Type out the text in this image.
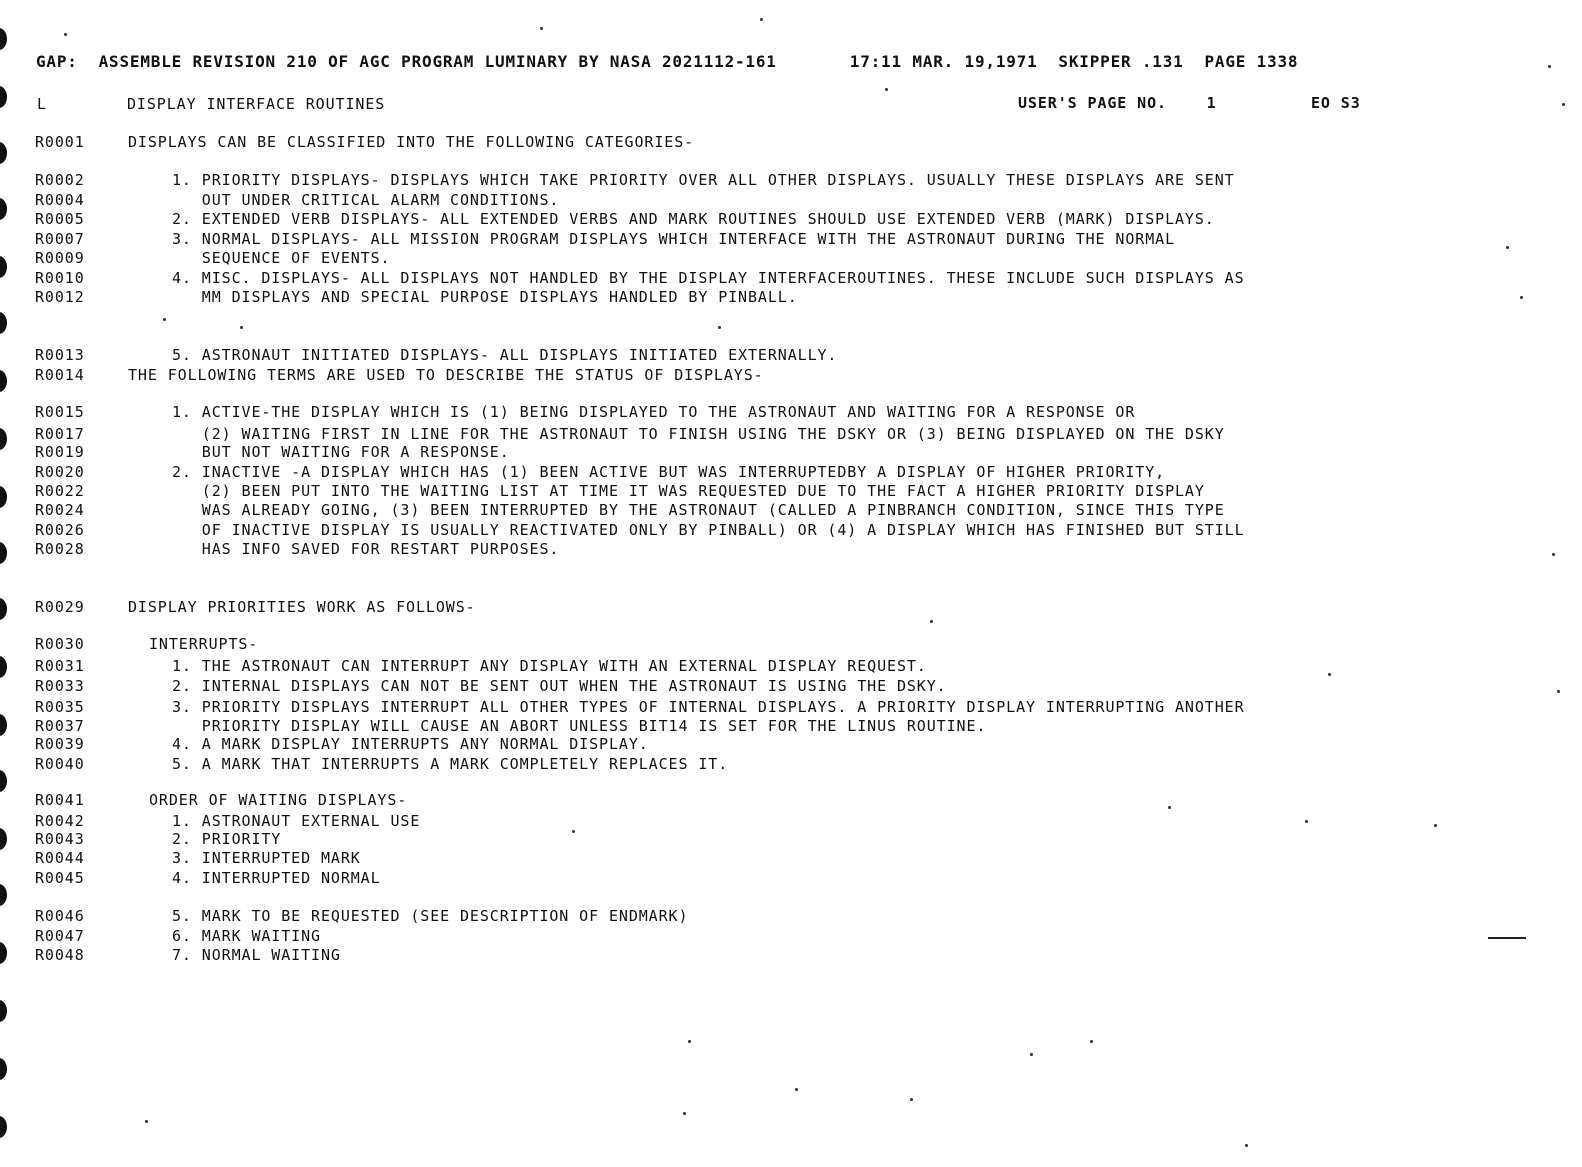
GAP:  ASSEMBLE REVISION 210 OF AGC PROGRAM LUMINARY BY NASA 2021112-161       17:11 MAR. 19,1971  SKIPPER .131  PAGE 1338
L	DISPLAY INTERFACE ROUTINES	USER'S PAGE NO.    1	EO S3
R0001	DISPLAYS CAN BE CLASSIFIED INTO THE FOLLOWING CATEGORIES-
R0002	1. PRIORITY DISPLAYS- DISPLAYS WHICH TAKE PRIORITY OVER ALL OTHER DISPLAYS. USUALLY THESE DISPLAYS ARE SENT
R0004	OUT UNDER CRITICAL ALARM CONDITIONS.
R0005	2. EXTENDED VERB DISPLAYS- ALL EXTENDED VERBS AND MARK ROUTINES SHOULD USE EXTENDED VERB (MARK) DISPLAYS.
R0007	3. NORMAL DISPLAYS- ALL MISSION PROGRAM DISPLAYS WHICH INTERFACE WITH THE ASTRONAUT DURING THE NORMAL
R0009	SEQUENCE OF EVENTS.
R0010	4. MISC. DISPLAYS- ALL DISPLAYS NOT HANDLED BY THE DISPLAY INTERFACEROUTINES. THESE INCLUDE SUCH DISPLAYS AS
R0012	MM DISPLAYS AND SPECIAL PURPOSE DISPLAYS HANDLED BY PINBALL.
R0013	5. ASTRONAUT INITIATED DISPLAYS- ALL DISPLAYS INITIATED EXTERNALLY.
R0014	THE FOLLOWING TERMS ARE USED TO DESCRIBE THE STATUS OF DISPLAYS-
R0015	1. ACTIVE-THE DISPLAY WHICH IS (1) BEING DISPLAYED TO THE ASTRONAUT AND WAITING FOR A RESPONSE OR
R0017	(2) WAITING FIRST IN LINE FOR THE ASTRONAUT TO FINISH USING THE DSKY OR (3) BEING DISPLAYED ON THE DSKY
R0019	BUT NOT WAITING FOR A RESPONSE.
R0020	2. INACTIVE -A DISPLAY WHICH HAS (1) BEEN ACTIVE BUT WAS INTERRUPTEDBY A DISPLAY OF HIGHER PRIORITY,
R0022	(2) BEEN PUT INTO THE WAITING LIST AT TIME IT WAS REQUESTED DUE TO THE FACT A HIGHER PRIORITY DISPLAY
R0024	WAS ALREADY GOING, (3) BEEN INTERRUPTED BY THE ASTRONAUT (CALLED A PINBRANCH CONDITION, SINCE THIS TYPE
R0026	OF INACTIVE DISPLAY IS USUALLY REACTIVATED ONLY BY PINBALL) OR (4) A DISPLAY WHICH HAS FINISHED BUT STILL
R0028	HAS INFO SAVED FOR RESTART PURPOSES.
R0029	DISPLAY PRIORITIES WORK AS FOLLOWS-
R0030	INTERRUPTS-
R0031	1. THE ASTRONAUT CAN INTERRUPT ANY DISPLAY WITH AN EXTERNAL DISPLAY REQUEST.
R0033	2. INTERNAL DISPLAYS CAN NOT BE SENT OUT WHEN THE ASTRONAUT IS USING THE DSKY.
R0035	3. PRIORITY DISPLAYS INTERRUPT ALL OTHER TYPES OF INTERNAL DISPLAYS. A PRIORITY DISPLAY INTERRUPTING ANOTHER
R0037	PRIORITY DISPLAY WILL CAUSE AN ABORT UNLESS BIT14 IS SET FOR THE LINUS ROUTINE.
R0039	4. A MARK DISPLAY INTERRUPTS ANY NORMAL DISPLAY.
R0040	5. A MARK THAT INTERRUPTS A MARK COMPLETELY REPLACES IT.
R0041	ORDER OF WAITING DISPLAYS-
R0042	1. ASTRONAUT EXTERNAL USE
R0043	2. PRIORITY
R0044	3. INTERRUPTED MARK
R0045	4. INTERRUPTED NORMAL
R0046	5. MARK TO BE REQUESTED (SEE DESCRIPTION OF ENDMARK)
R0047	6. MARK WAITING
R0048	7. NORMAL WAITING
